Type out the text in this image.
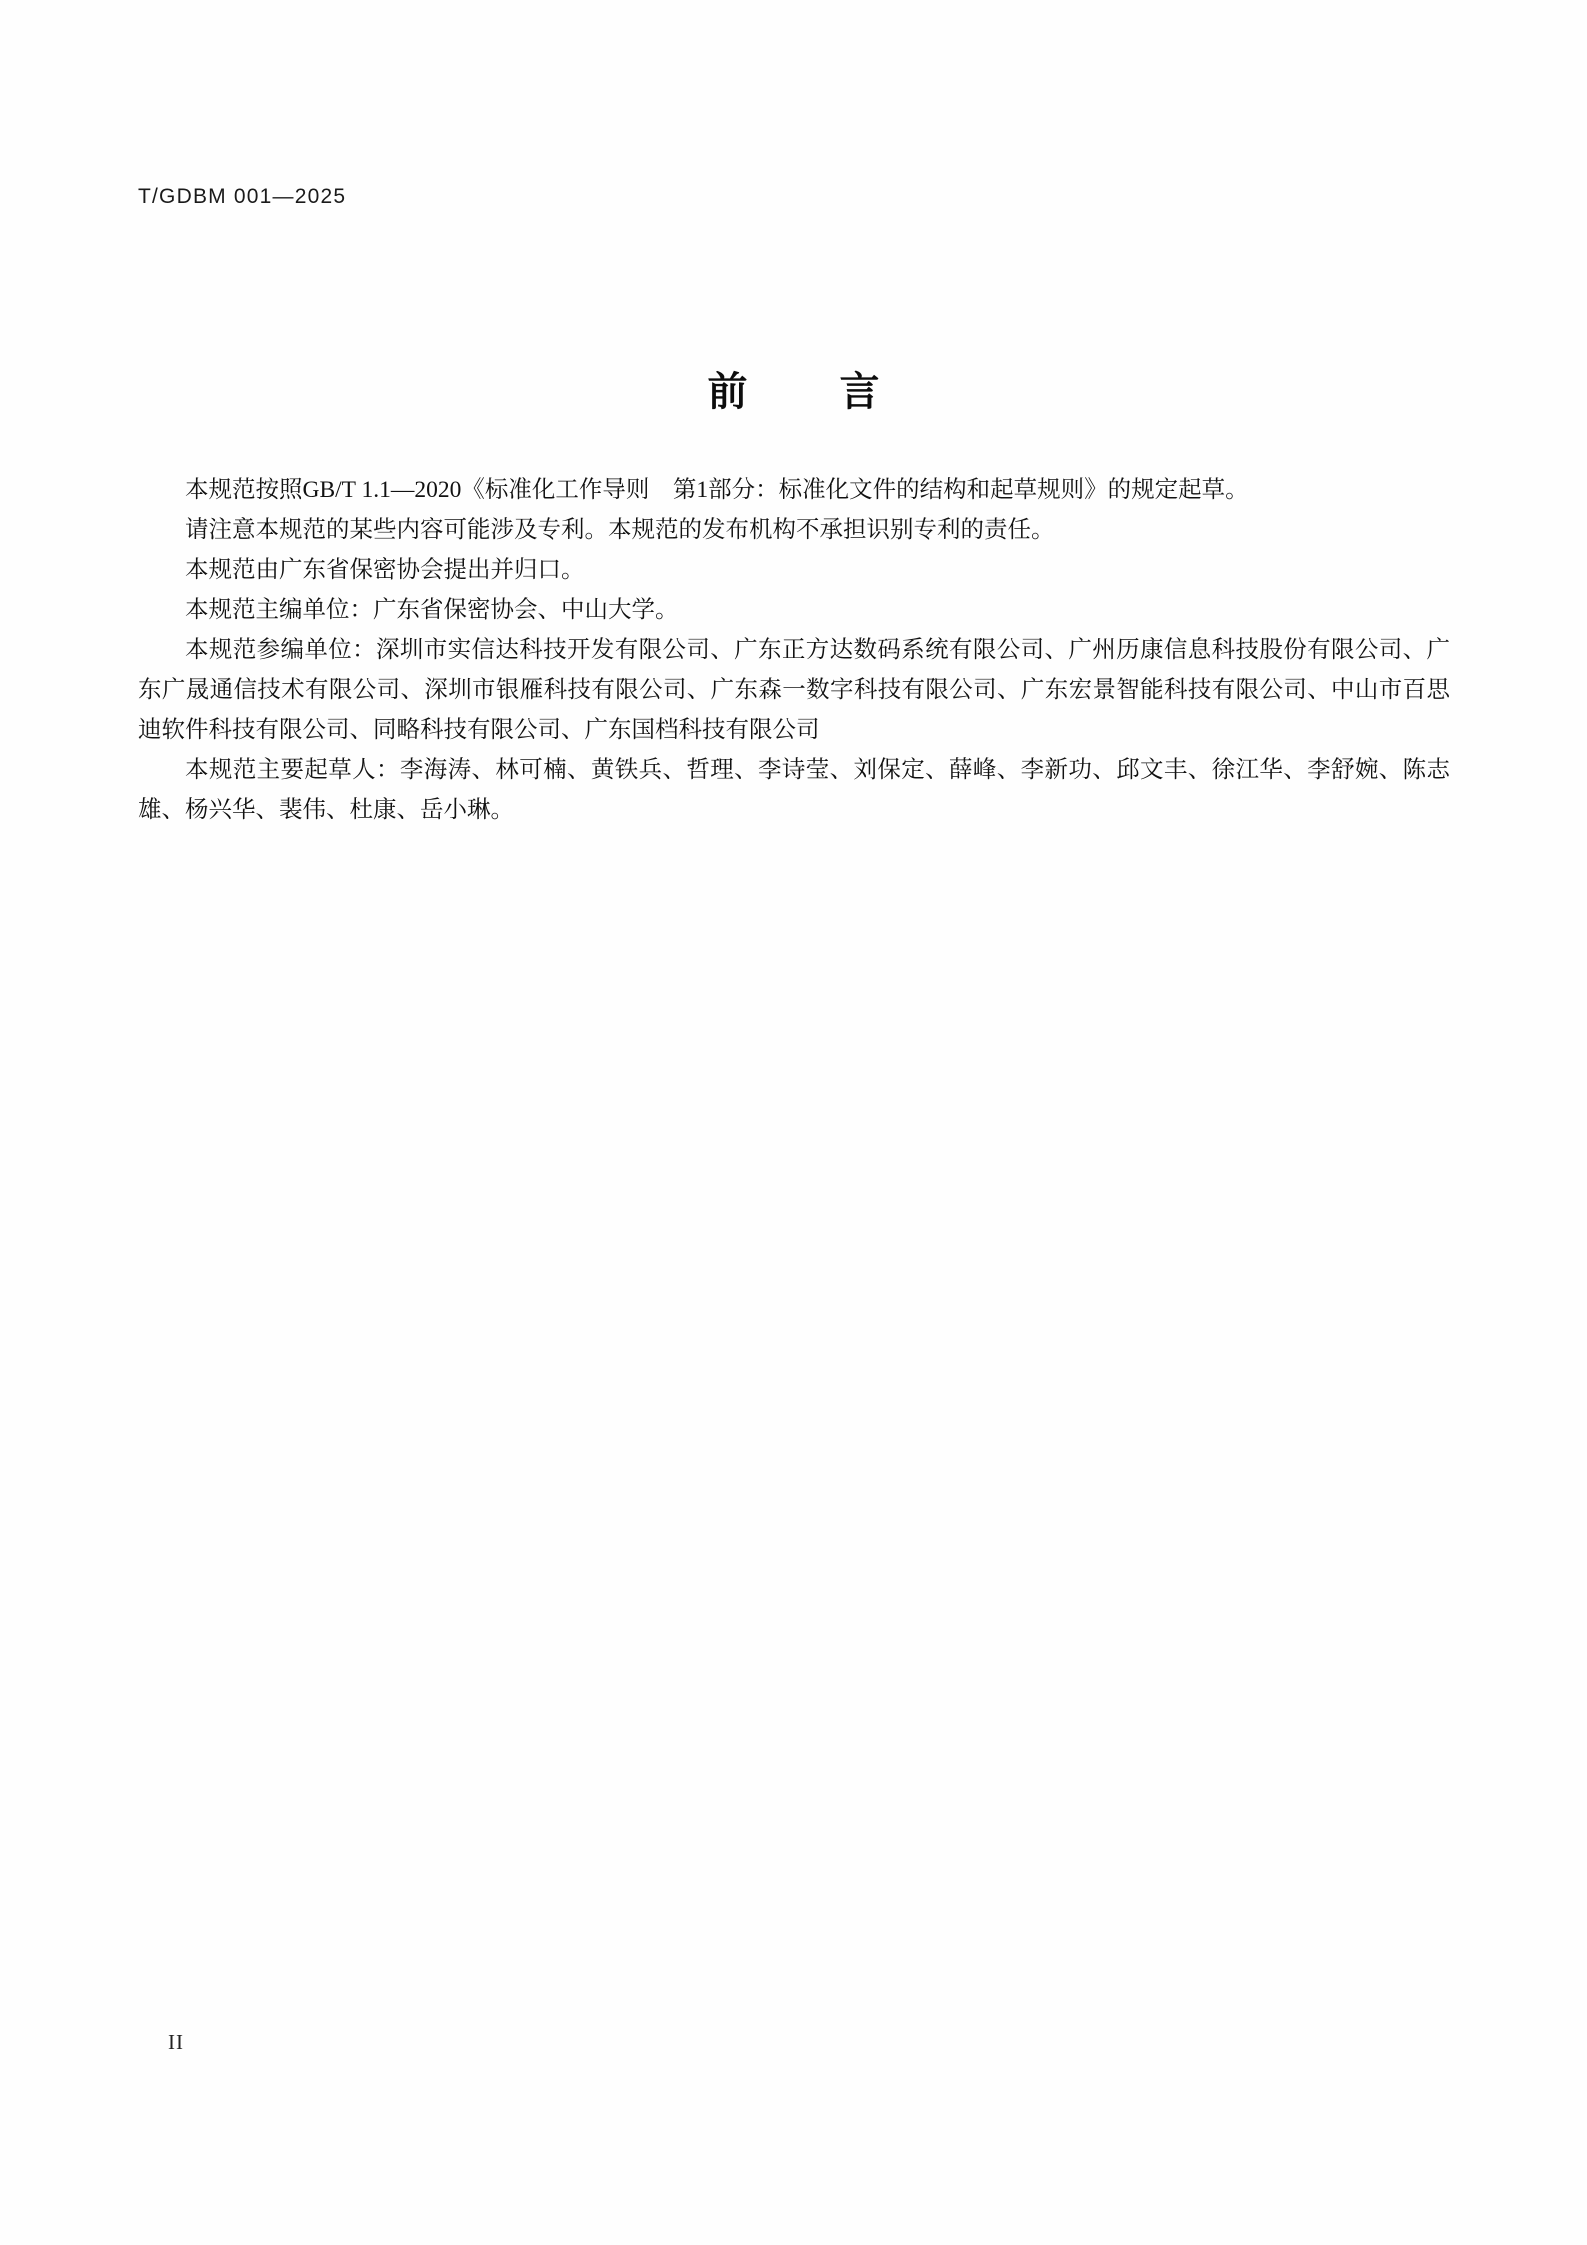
T/GDBM 001—2025
前　言

本规范按照GB/T 1.1—2020《标准化工作导则　第1部分：标准化文件的结构和起草规则》的规定起草。

请注意本规范的某些内容可能涉及专利。本规范的发布机构不承担识别专利的责任。

本规范由广东省保密协会提出并归口。

本规范主编单位：广东省保密协会、中山大学。

本规范参编单位：深圳市实信达科技开发有限公司、广东正方达数码系统有限公司、广州历康信息科技股份有限公司、广东广晟通信技术有限公司、深圳市银雁科技有限公司、广东森一数字科技有限公司、广东宏景智能科技有限公司、中山市百思迪软件科技有限公司、同略科技有限公司、广东国档科技有限公司

本规范主要起草人：李海涛、林可楠、黄铁兵、哲理、李诗莹、刘保定、薛峰、李新功、邱文丰、徐江华、李舒婉、陈志雄、杨兴华、裴伟、杜康、岳小琳。

II
